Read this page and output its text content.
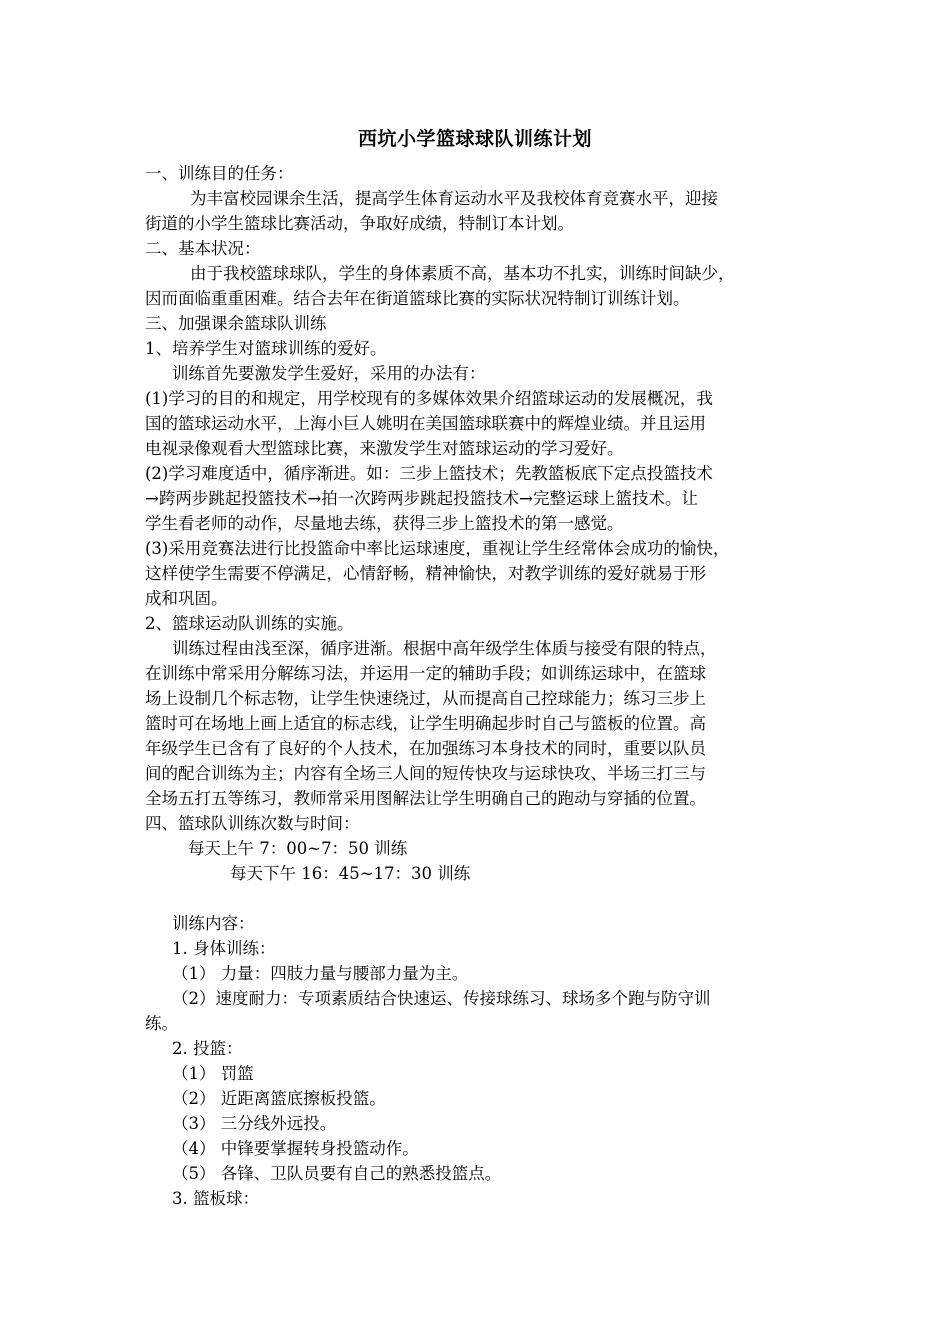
西坑小学篮球球队训练计划
一、训练目的任务：
为丰富校园课余生活，提高学生体育运动水平及我校体育竞赛水平，迎接
街道的小学生篮球比赛活动，争取好成绩，特制订本计划。
二、基本状况：
由于我校篮球球队，学生的身体素质不高，基本功不扎实，训练时间缺少，
因而面临重重困难。结合去年在街道篮球比赛的实际状况特制订训练计划。
三、加强课余篮球队训练
1、培养学生对篮球训练的爱好。
训练首先要激发学生爱好，采用的办法有：
(1)学习的目的和规定，用学校现有的多媒体效果介绍篮球运动的发展概况，我
国的篮球运动水平，上海小巨人姚明在美国篮球联赛中的辉煌业绩。并且运用
电视录像观看大型篮球比赛，来激发学生对篮球运动的学习爱好。
(2)学习难度适中，循序渐进。如：三步上篮技术；先教篮板底下定点投篮技术
→跨两步跳起投篮技术→拍一次跨两步跳起投篮技术→完整运球上篮技术。让
学生看老师的动作，尽量地去练，获得三步上篮投术的第一感觉。
(3)采用竞赛法进行比投篮命中率比运球速度，重视让学生经常体会成功的愉快，
这样使学生需要不停满足，心情舒畅，精神愉快，对教学训练的爱好就易于形
成和巩固。
2、篮球运动队训练的实施。
训练过程由浅至深，循序进渐。根据中高年级学生体质与接受有限的特点，
在训练中常采用分解练习法，并运用一定的辅助手段；如训练运球中，在篮球
场上设制几个标志物，让学生快速绕过，从而提高自己控球能力；练习三步上
篮时可在场地上画上适宜的标志线，让学生明确起步时自己与篮板的位置。高
年级学生已含有了良好的个人技术，在加强练习本身技术的同时，重要以队员
间的配合训练为主；内容有全场三人间的短传快攻与运球快攻、半场三打三与
全场五打五等练习，教师常采用图解法让学生明确自己的跑动与穿插的位置。
四、篮球队训练次数与时间：
每天上午 7：00~7：50 训练
每天下午 16：45~17：30 训练
训练内容：
1. 身体训练：
（1） 力量：四肢力量与腰部力量为主。
（2）速度耐力：专项素质结合快速运、传接球练习、球场多个跑与防守训
练。
2. 投篮：
（1） 罚篮
（2） 近距离篮底擦板投篮。
（3） 三分线外远投。
（4） 中锋要掌握转身投篮动作。
（5） 各锋、卫队员要有自己的熟悉投篮点。
3. 篮板球：
